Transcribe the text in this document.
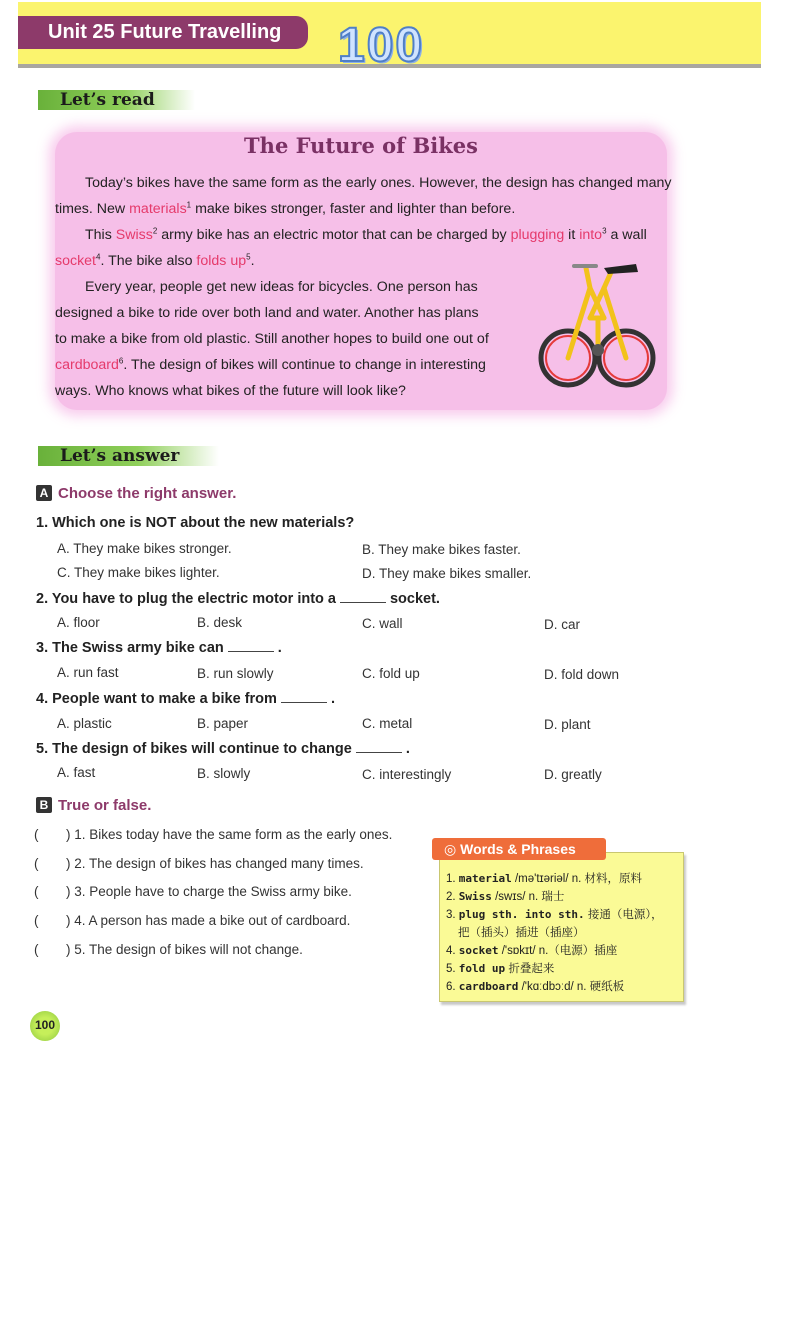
Unit 25 Future Travelling	100
Let’s read
The Future of Bikes

Today’s bikes have the same form as the early ones. However, the design has changed many

times. New materials$^1$ make bikes stronger, faster and lighter than before.

This Swiss$^2$ army bike has an electric motor that can be charged by plugging it into$^3$ a wall

socket$^4$. The bike also folds $up^5$.

Every year, people get new ideas for bicycles. One person has

designed a bike to ride over both land and water. Another has plans

to make a bike from old plastic. Still another hopes to build one out of

cardboard$^6$. The design of bikes will continue to change in interesting

ways. Who knows what bikes of the future will look like?

Let’s answer
A Choose the right answer.
1. Which one is NOT about the new materials?
A. They make bikes stronger.	B. They make bikes faster.
C. They make bikes lighter.	D. They make bikes smaller.
2. You have to plug the electric motor into a	socket.
A. floor	B. desk	C. wall	D. car
3. The Swiss army bike can	.
A. run fast	B. run slowly	C. fold up	D. fold down
4. People want to make a bike from	.
A. plastic	B. paper	C. metal	D. plant
5. The design of bikes will continue to change	.
A. fast	B. slowly	C. interestingly	D. greatly
B True or false.
( ) 1. Bikes today have the same form as the early ones.
( ) 2. The design of bikes has changed many times.
( ) 3. People have to charge the Swiss army bike.
( ) 4. A person has made a bike out of cardboard.
( ) 5. The design of bikes will not change.
◎ Words & Phrases
1. material /mə'tɪəriəl/ n. 材料，原料
2. Swiss /swɪs/ n. 瑞士
3. plug sth. into sth. 接通（电源），
把（插头）插进（插座）
4. socket /'sɒkɪt/ n.（电源）插座
5. fold up 折叠起来
6. cardboard /'kɑːdbɔːd/ n. 硬纸板
100
